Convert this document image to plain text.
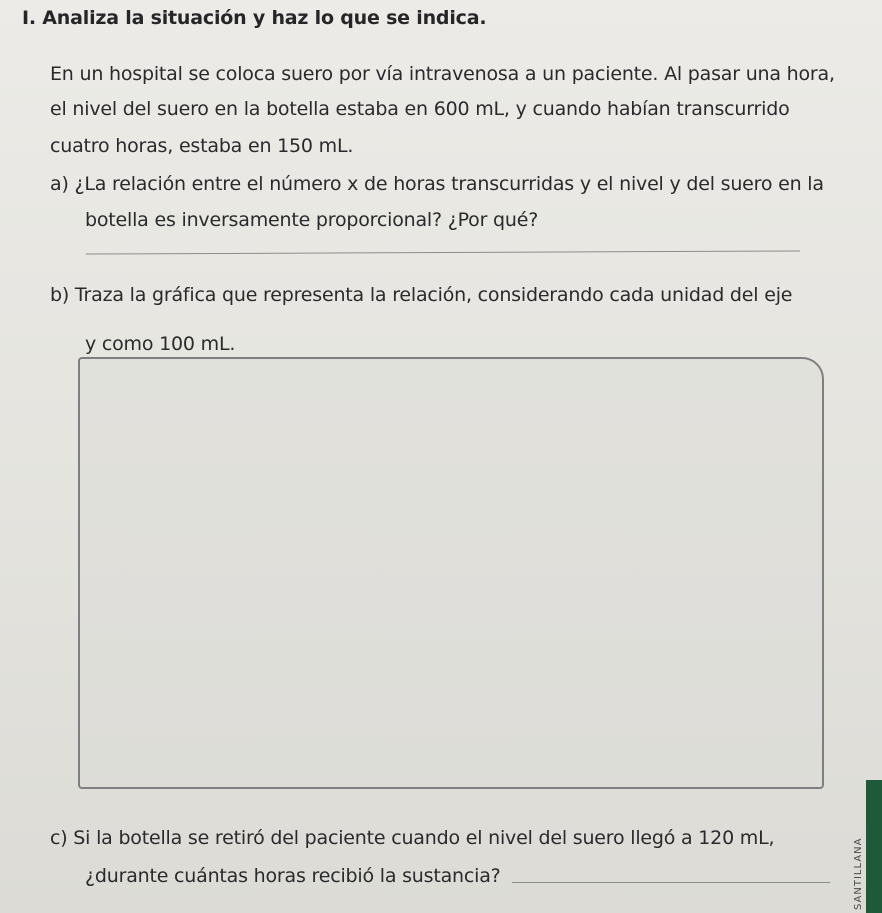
I. Analiza la situación y haz lo que se indica.
En un hospital se coloca suero por vía intravenosa a un paciente. Al pasar una hora,
el nivel del suero en la botella estaba en 600 mL, y cuando habían transcurrido
cuatro horas, estaba en 150 mL.
a) ¿La relación entre el número x de horas transcurridas y el nivel y del suero en la
botella es inversamente proporcional? ¿Por qué?
b) Traza la gráfica que representa la relación, considerando cada unidad del eje
y como 100 mL.
c) Si la botella se retiró del paciente cuando el nivel del suero llegó a 120 mL,
¿durante cuántas horas recibió la sustancia?	SANTILLANA
